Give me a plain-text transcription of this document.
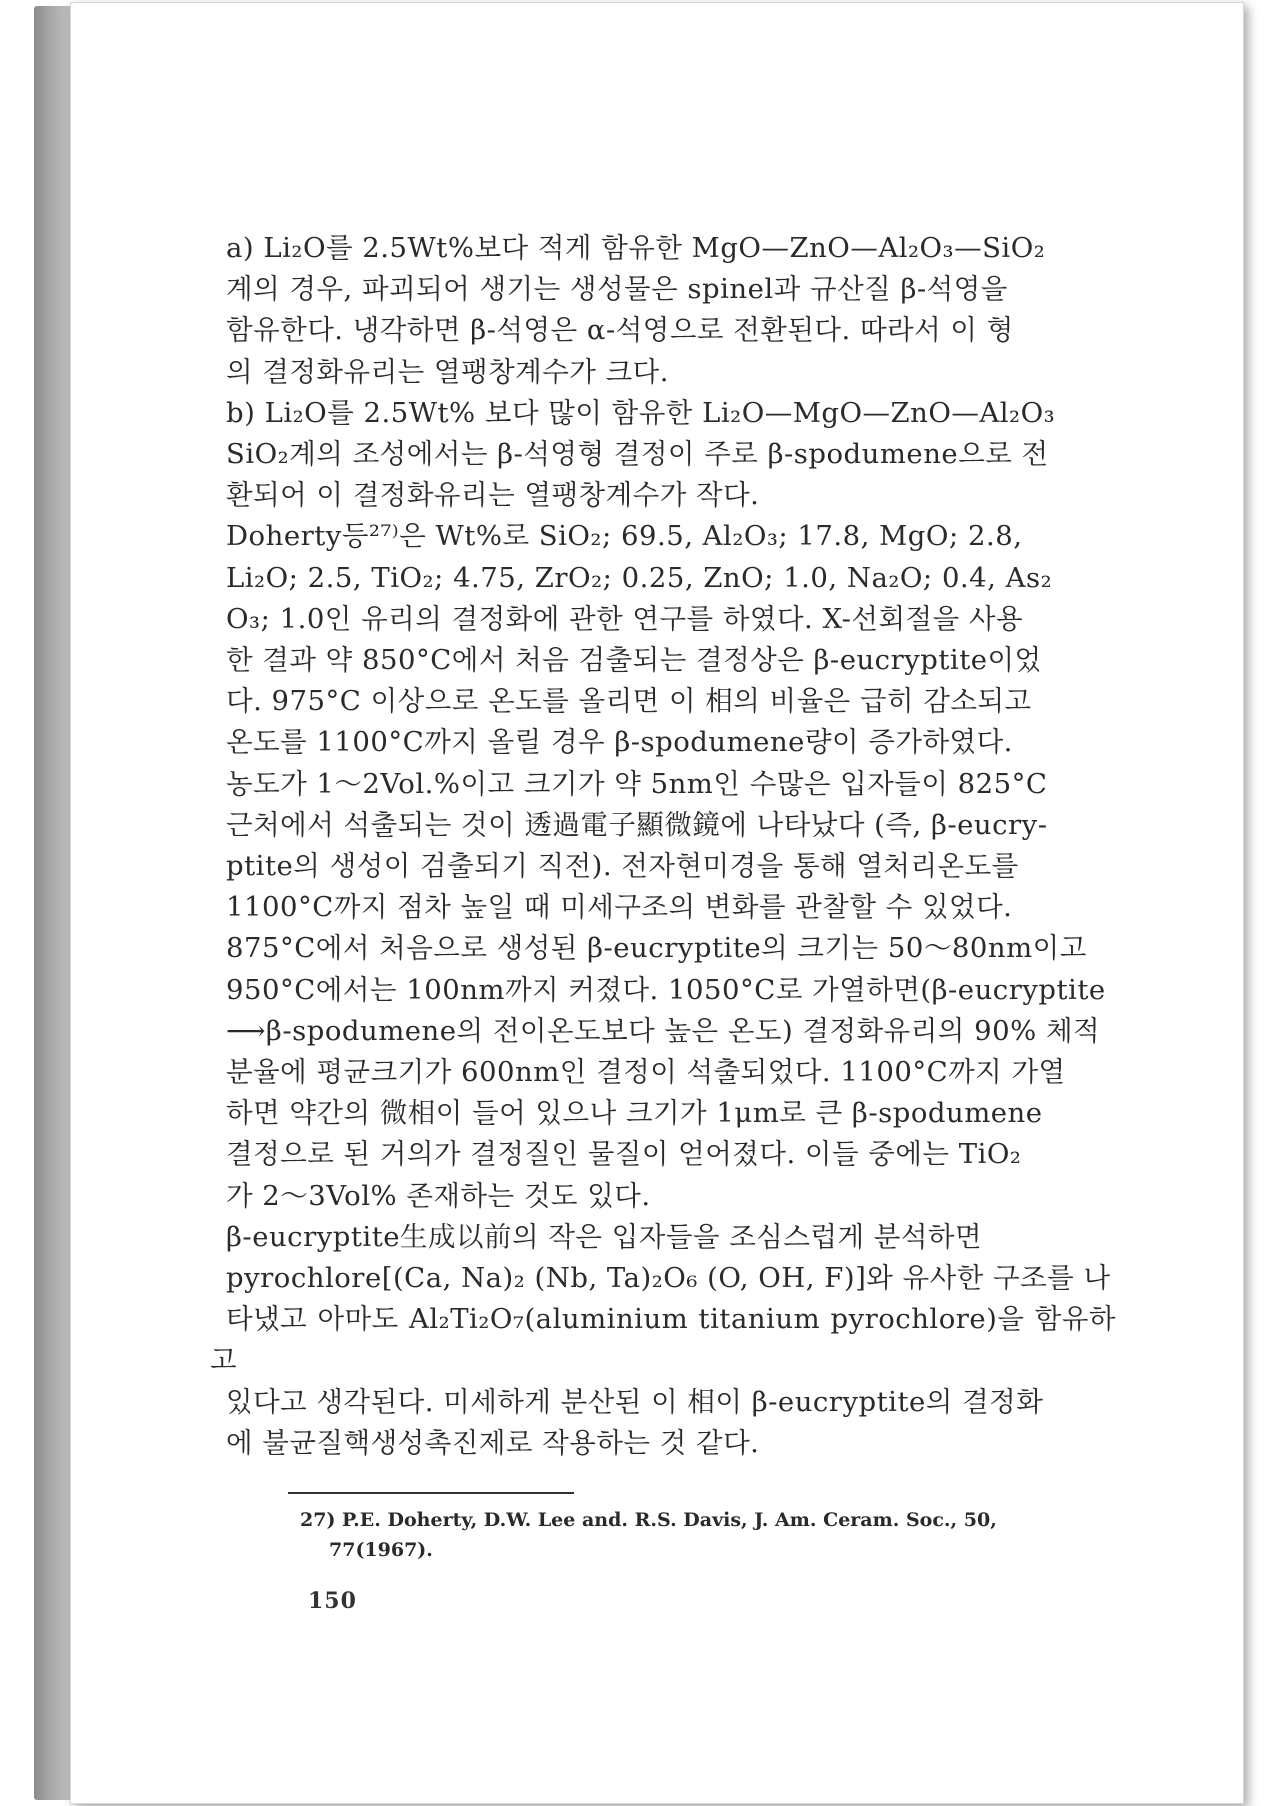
a) Li₂O를 2.5Wt%보다 적게 함유한 MgO—ZnO—Al₂O₃—SiO₂
계의 경우, 파괴되어 생기는 생성물은 spinel과 규산질 β-석영을
함유한다. 냉각하면 β-석영은 α-석영으로 전환된다. 따라서 이 형
의 결정화유리는 열팽창계수가 크다.
b) Li₂O를 2.5Wt% 보다 많이 함유한 Li₂O—MgO—ZnO—Al₂O₃
SiO₂계의 조성에서는 β-석영형 결정이 주로 β-spodumene으로 전
환되어 이 결정화유리는 열팽창계수가 작다.
Doherty등²⁷⁾은 Wt%로 SiO₂; 69.5, Al₂O₃; 17.8, MgO; 2.8,
Li₂O; 2.5, TiO₂; 4.75, ZrO₂; 0.25, ZnO; 1.0, Na₂O; 0.4, As₂
O₃; 1.0인 유리의 결정화에 관한 연구를 하였다. X-선회절을 사용
한 결과 약 850°C에서 처음 검출되는 결정상은 β-eucryptite이었
다. 975°C 이상으로 온도를 올리면 이 相의 비율은 급히 감소되고
온도를 1100°C까지 올릴 경우 β-spodumene량이 증가하였다.
농도가 1～2Vol.%이고 크기가 약 5nm인 수많은 입자들이 825°C
근처에서 석출되는 것이 透過電子顯微鏡에 나타났다 (즉, β-eucry-
ptite의 생성이 검출되기 직전). 전자현미경을 통해 열처리온도를
1100°C까지 점차 높일 때 미세구조의 변화를 관찰할 수 있었다.
875°C에서 처음으로 생성된 β-eucryptite의 크기는 50～80nm이고
950°C에서는 100nm까지 커졌다. 1050°C로 가열하면(β-eucryptite
⟶β-spodumene의 전이온도보다 높은 온도) 결정화유리의 90% 체적
분율에 평균크기가 600nm인 결정이 석출되었다. 1100°C까지 가열
하면 약간의 微相이 들어 있으나 크기가 1μm로 큰 β-spodumene
결정으로 된 거의가 결정질인 물질이 얻어졌다. 이들 중에는 TiO₂
가 2～3Vol% 존재하는 것도 있다.
β-eucryptite生成以前의 작은 입자들을 조심스럽게 분석하면
pyrochlore[(Ca, Na)₂ (Nb, Ta)₂O₆ (O, OH, F)]와 유사한 구조를 나
타냈고 아마도 Al₂Ti₂O₇(aluminium titanium pyrochlore)을 함유하고
있다고 생각된다. 미세하게 분산된 이 相이 β-eucryptite의 결정화
에 불균질핵생성촉진제로 작용하는 것 같다.
27) P.E. Doherty, D.W. Lee and. R.S. Davis, J. Am. Ceram. Soc., 50,
77(1967).
150
